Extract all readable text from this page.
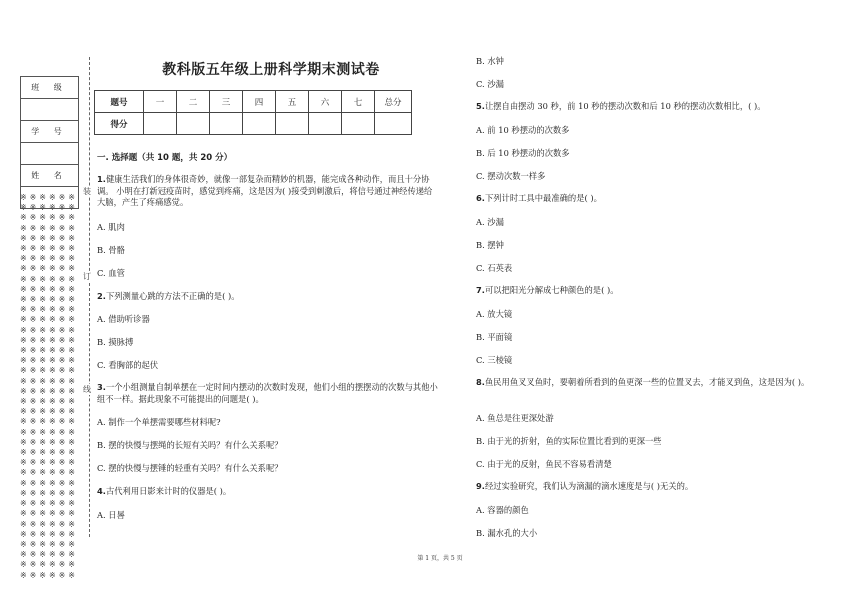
班 级

学 号

姓 名

※ ※ ※ ※ ※ ※
※ ※ ※ ※ ※ ※
※ ※ ※ ※ ※ ※
※ ※ ※ ※ ※ ※
※ ※ ※ ※ ※ ※
※ ※ ※ ※ ※ ※
※ ※ ※ ※ ※ ※
※ ※ ※ ※ ※ ※
※ ※ ※ ※ ※ ※
※ ※ ※ ※ ※ ※
※ ※ ※ ※ ※ ※
※ ※ ※ ※ ※ ※
※ ※ ※ ※ ※ ※
※ ※ ※ ※ ※ ※
※ ※ ※ ※ ※ ※
※ ※ ※ ※ ※ ※
※ ※ ※ ※ ※ ※
※ ※ ※ ※ ※ ※
※ ※ ※ ※ ※ ※
※ ※ ※ ※ ※ ※
※ ※ ※ ※ ※ ※
※ ※ ※ ※ ※ ※
※ ※ ※ ※ ※ ※
※ ※ ※ ※ ※ ※
※ ※ ※ ※ ※ ※
※ ※ ※ ※ ※ ※
※ ※ ※ ※ ※ ※
※ ※ ※ ※ ※ ※
※ ※ ※ ※ ※ ※
※ ※ ※ ※ ※ ※
※ ※ ※ ※ ※ ※
※ ※ ※ ※ ※ ※
※ ※ ※ ※ ※ ※
※ ※ ※ ※ ※ ※
※ ※ ※ ※ ※ ※
※ ※ ※ ※ ※ ※
※ ※ ※ ※ ※ ※
※ ※ ※ ※ ※ ※
装
订
线
教科版五年级上册科学期末测试卷
题号	一	二	三	四	五	六	七	总分
得分								
一. 选择题（共 10 题，共 20 分）
1.健康生活我们的身体很奇妙，就像一部复杂而精妙的机器，能完成各种动作，而且十分协调。 小明在打新冠疫苗时，感觉到疼痛，这是因为( )接受到刺激后，将信号通过神经传递给大脑，产生了疼痛感觉。
A. 肌肉
B. 骨骼
C. 血管
2.下列测量心跳的方法不正确的是( )。
A. 借助听诊器
B. 摸脉搏
C. 看胸部的起伏
3.一个小组测量自制单摆在一定时间内摆动的次数时发现，他们小组的摆摆动的次数与其他小组不一样。据此现象不可能提出的问题是( )。
A. 制作一个单摆需要哪些材料呢?
B. 摆的快慢与摆绳的长短有关吗？有什么关系呢？
C. 摆的快慢与摆锤的轻重有关吗？有什么关系呢？
4.古代利用日影来计时的仪器是( )。
A. 日晷
B. 水钟
C. 沙漏
5.让摆自由摆动 30 秒，前 10 秒的摆动次数和后 10 秒的摆动次数相比，( )。
A. 前 10 秒摆动的次数多
B. 后 10 秒摆动的次数多
C. 摆动次数一样多
6.下列计时工具中最准确的是( )。
A. 沙漏
B. 摆钟
C. 石英表
7.可以把阳光分解成七种颜色的是( )。
A. 放大镜
B. 平面镜
C. 三棱镜
8.鱼民用鱼叉叉鱼时，要朝着所看到的鱼更深一些的位置叉去，才能叉到鱼，这是因为( )。
A. 鱼总是往更深处游
B. 由于光的折射，鱼的实际位置比看到的更深一些
C. 由于光的反射，鱼民不容易看清楚
9.经过实验研究，我们认为滴漏的滴水速度是与( )无关的。
A. 容器的颜色
B. 漏水孔的大小
第 1 页，共 5 页
